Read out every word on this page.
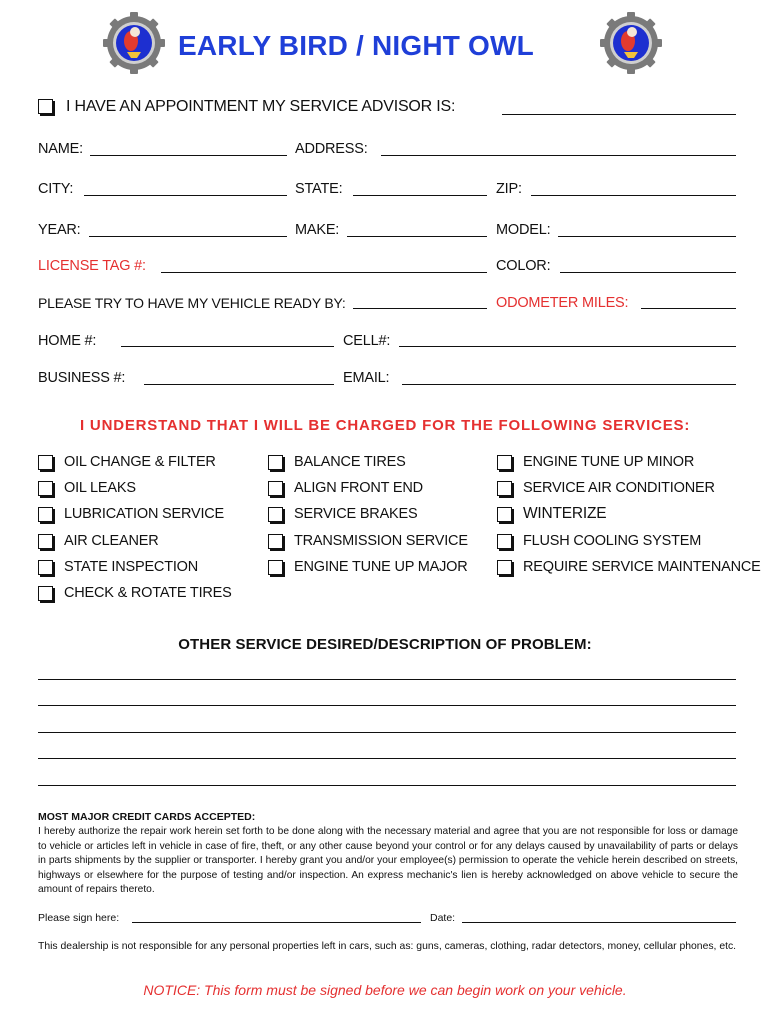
EARLY BIRD / NIGHT OWL
I HAVE AN APPOINTMENT MY SERVICE ADVISOR IS:
NAME:	ADDRESS:
CITY:	STATE:	ZIP:
YEAR:	MAKE:	MODEL:
LICENSE TAG #:	COLOR:
PLEASE TRY TO HAVE MY VEHICLE READY BY:	ODOMETER MILES:
HOME #:	CELL#:
BUSINESS #:	EMAIL:
I UNDERSTAND THAT I WILL BE CHARGED FOR THE FOLLOWING SERVICES:
OIL CHANGE & FILTER
OIL LEAKS
LUBRICATION SERVICE
AIR CLEANER
STATE INSPECTION
CHECK & ROTATE TIRES
BALANCE TIRES
ALIGN FRONT END
SERVICE BRAKES
TRANSMISSION SERVICE
ENGINE TUNE UP MAJOR
ENGINE TUNE UP MINOR
SERVICE AIR CONDITIONER
WINTERIZE
FLUSH COOLING SYSTEM
REQUIRE SERVICE MAINTENANCE
OTHER SERVICE DESIRED/DESCRIPTION OF PROBLEM:
MOST MAJOR CREDIT CARDS ACCEPTED:
I hereby authorize the repair work herein set forth to be done along with the necessary material and agree that you are not responsible for loss or damage to vehicle or articles left in vehicle in case of fire, theft, or any other cause beyond your control or for any delays caused by unavailability of parts or delays in parts shipments by the supplier or transporter. I hereby grant you and/or your employee(s) permission to operate the vehicle herein described on streets, highways or elsewhere for the purpose of testing and/or inspection. An express mechanic's lien is hereby acknowledged on above vehicle to secure the amount of repairs thereto.
Please sign here:	Date:
This dealership is not responsible for any personal properties left in cars, such as: guns, cameras, clothing, radar detectors, money, cellular phones, etc.
NOTICE: This form must be signed before we can begin work on your vehicle.
